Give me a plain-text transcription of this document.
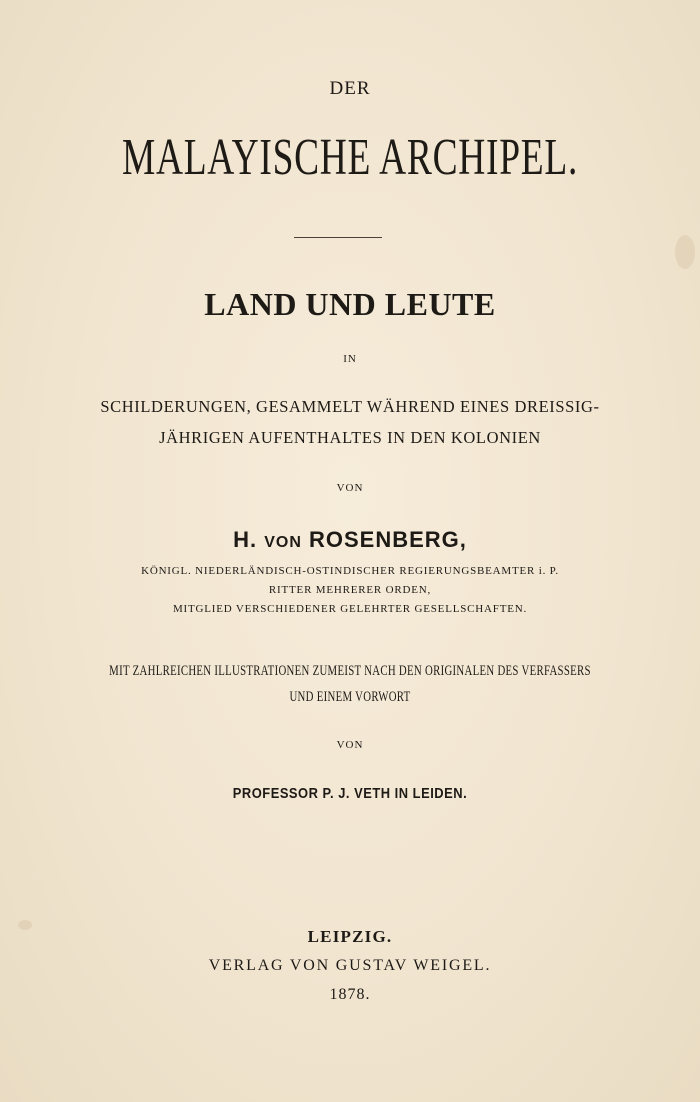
DER
MALAYISCHE ARCHIPEL.
LAND UND LEUTE
IN
SCHILDERUNGEN, GESAMMELT WÄHREND EINES DREISSIG-
JÄHRIGEN AUFENTHALTES IN DEN KOLONIEN
VON
H. VON ROSENBERG,
KÖNIGL. NIEDERLÄNDISCH-OSTINDISCHER REGIERUNGSBEAMTER i. P.
RITTER MEHRERER ORDEN,
MITGLIED VERSCHIEDENER GELEHRTER GESELLSCHAFTEN.
MIT ZAHLREICHEN ILLUSTRATIONEN ZUMEIST NACH DEN ORIGINALEN DES VERFASSERS
UND EINEM VORWORT
VON
PROFESSOR P. J. VETH IN LEIDEN.
LEIPZIG.
VERLAG VON GUSTAV WEIGEL.
1878.
